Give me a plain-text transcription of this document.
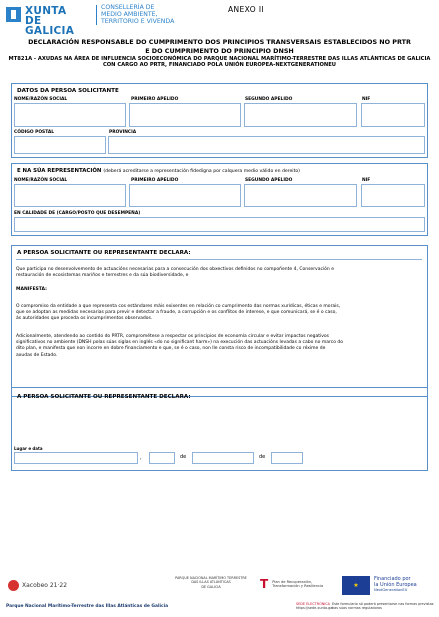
XUNTA
DE GALICIA
CONSELLERÍA DE
MEDIO AMBIENTE,
TERRITORIO E VIVENDA
ANEXO II
DECLARACIÓN RESPONSABLE DO CUMPRIMENTO DOS PRINCIPIOS TRANSVERSAIS ESTABLECIDOS NO PRTR
E DO CUMPRIMENTO DO PRINCIPIO DNSH
MT821A - AXUDAS NA ÁREA DE INFLUENCIA SOCIOECONÓMICA DO PARQUE NACIONAL MARÍTIMO-TERRESTRE DAS ILLAS ATLÁNTICAS DE GALICIA
CON CARGO AO PRTR, FINANCIADO POLA UNIÓN EUROPEA-NEXTGENERATIONEU
DATOS DA PERSOA SOLICITANTE
NOME/RAZÓN SOCIAL	PRIMEIRO APELIDO	SEGUNDO APELIDO	NIF
CÓDIGO POSTAL	PROVINCIA
E NA SÚA REPRESENTACIÓN (deberá acreditarse a representación fidedigna por calquera medio válido en dereito)
NOME/RAZÓN SOCIAL	PRIMEIRO APELIDO	SEGUNDO APELIDO	NIF
EN CALIDADE DE (CARGO/POSTO QUE DESEMPEÑA)
A PERSOA SOLICITANTE OU REPRESENTANTE DECLARA:
Que participa no desenvolvemento de actuacións necesarias para a consecución dos obxectivos definidos no compoñente 4, Conservación e
restauración de ecosistemas mariños e terrestres e da súa biodiversidade, e
MANIFESTA:
O compromiso da entidade a que representa cos estándares máis exixentes en relación co cumprimento das normas xurídicas, éticas e morais,
que se adoptan as medidas necesarias para previr e detectar a fraude, a corrupción e os conflitos de interese, e que comunicará, se é o caso,
ás autoridades que proceda os incumprimentos observados.
Adicionalmente, atendendo ao contido do PRTR, comprométese a respectar os principios de economía circular e evitar impactos negativos
significativos no ambiente (DNSH polas súas siglas en inglés «do no significant harm») na execución das actuacións levadas a cabo no marco do
dito plan, e manifesta que non incorre en dobre financiamento e que, se é o caso, non lle consta risco de incompatibilidade co réxime de
axudas de Estado.
A PERSOA SOLICITANTE OU REPRESENTANTE DECLARA:
Lugar e data
,	de	de
Xacobeo 21·22
PARQUE NACIONAL MARÍTIMO TERRESTRE
DAS ILLAS ATLÁNTICAS
DE GALICIA	T Plan de Recuperación,
Transformación y Resiliencia	★
Financiado por
la Unión Europea
NextGenerationEU
Parque Nacional Marítimo-Terrestre das Illas Atlánticas de Galicia	SEDE ELECTRÓNICA
https://sede.xunta.gal
Este formulario só poderá presentarse nas formas previstas nas súas normas reguladoras
